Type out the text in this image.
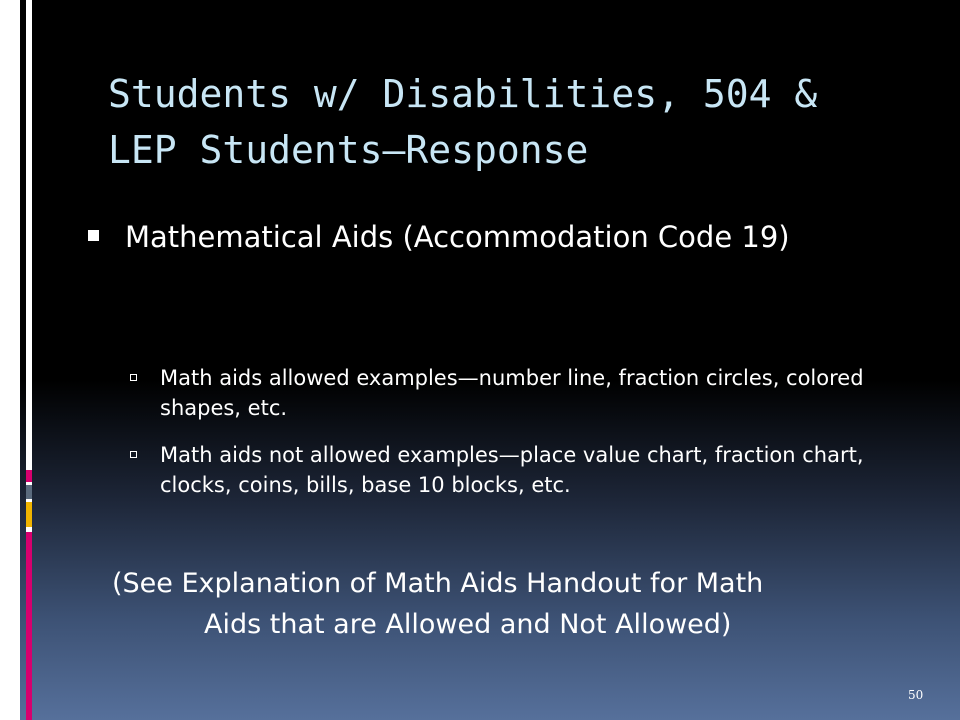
Students w/ Disabilities, 504 &
LEP Students—Response
Mathematical Aids (Accommodation Code 19)
Math aids allowed examples—number line, fraction circles, colored shapes, etc.
Math aids not allowed examples—place value chart, fraction chart, clocks, coins, bills, base 10 blocks, etc.
(See Explanation of Math Aids Handout for Math
Aids that are Allowed and Not Allowed)
50
